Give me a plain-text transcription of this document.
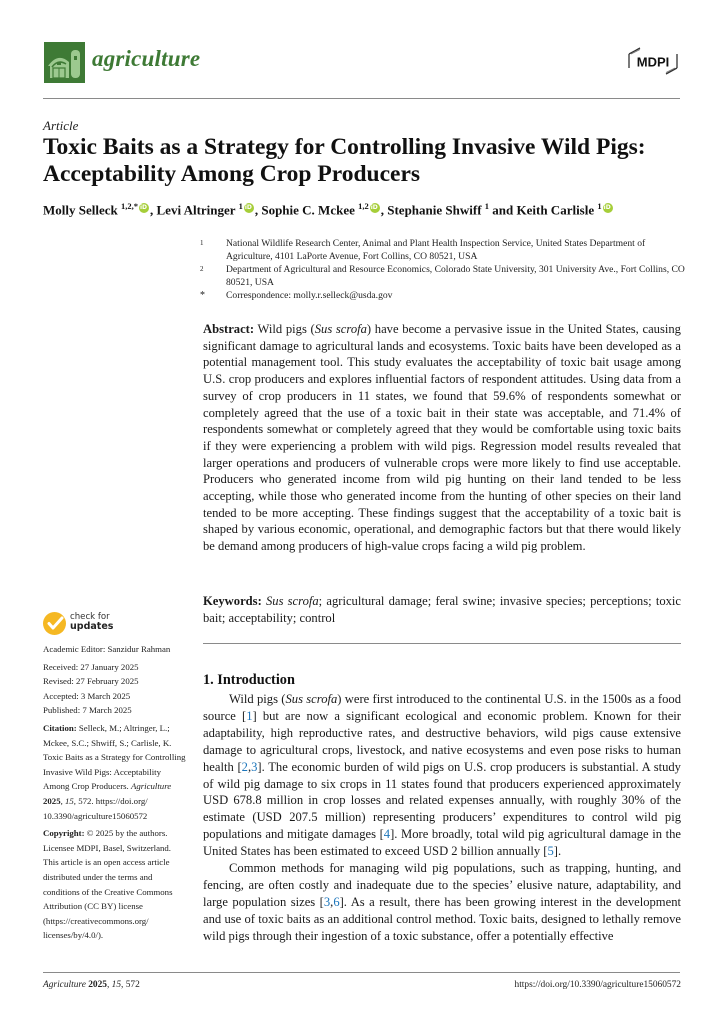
agriculture	MDPI
Article
Toxic Baits as a Strategy for Controlling Invasive Wild Pigs: Acceptability Among Crop Producers
Molly Selleck $^{1,2,*}$ iD , Levi Altringer $^1$ iD , Sophie C. Mckee $^{1,2}$ iD , Stephanie Shwiff $^1$ and Keith Carlisle $^1$iD
1	National Wildlife Research Center, Animal and Plant Health Inspection Service, United States Department of Agriculture, 4101 LaPorte Avenue, Fort Collins, CO 80521, USA
2	Department of Agricultural and Resource Economics, Colorado State University, 301 University Ave., Fort Collins, CO 80521, USA
*	Correspondence: molly.r.selleck@usda.gov
Abstract: Wild pigs (Sus scrofa) have become a pervasive issue in the United States, causing significant damage to agricultural lands and ecosystems. Toxic baits have been developed as a potential management tool. This study evaluates the acceptability of toxic bait usage among U.S. crop producers and explores influential factors of respondent attitudes. Using data from a survey of crop producers in 11 states, we found that 59.6% of respondents somewhat or completely agreed that the use of a toxic bait in their state was acceptable, and 71.4% of respondents somewhat or completely agreed that they would be comfortable using toxic baits if they were experiencing a problem with wild pigs. Regression model results revealed that larger operations and producers of vulnerable crops were more likely to find use acceptable. Producers who generated income from wild pig hunting on their land tended to be less accepting, while those who generated income from the hunting of other species on their land tended to be more accepting. These findings suggest that the acceptability of a toxic bait is shaped by various economic, operational, and demographic factors but that there would likely be demand among producers of high-value crops facing a wild pig problem.
Keywords: Sus scrofa; agricultural damage; feral swine; invasive species; perceptions; toxic bait; acceptability; control
check for
updates
Academic Editor: Sanzidur Rahman
Received: 27 January 2025
Revised: 27 February 2025
Accepted: 3 March 2025
Published: 7 March 2025
Citation: Selleck, M.; Altringer, L.;
Mckee, S.C.; Shwiff, S.; Carlisle, K.
Toxic Baits as a Strategy for Controlling
Invasive Wild Pigs: Acceptability
Among Crop Producers. Agriculture
2025, 15, 572. https://doi.org/
10.3390/agriculture15060572
Copyright: © 2025 by the authors.
Licensee MDPI, Basel, Switzerland.
This article is an open access article
distributed under the terms and
conditions of the Creative Commons
Attribution (CC BY) license
(https://creativecommons.org/
licenses/by/4.0/).
1. Introduction

Wild pigs (Sus scrofa) were first introduced to the continental U.S. in the 1500s as a food source [1] but are now a significant ecological and economic problem. Known for their adaptability, high reproductive rates, and destructive behaviors, wild pigs cause extensive damage to agricultural crops, livestock, and native ecosystems and even pose risks to human health [2,3]. The economic burden of wild pigs on U.S. crop producers is substantial. A study of wild pig damage to six crops in 11 states found that producers experienced approximately USD 678.8 million in crop losses and related expenses annually, with roughly 30% of the estimate (USD 207.5 million) representing producers’ expenditures to control wild pig populations and mitigate damages [4]. More broadly, total wild pig agricultural damage in the United States has been estimated to exceed USD 2 billion annually [5].

Common methods for managing wild pig populations, such as trapping, hunting, and fencing, are often costly and inadequate due to the species’ elusive nature, adaptability, and large population sizes [3,6]. As a result, there has been growing interest in the development and use of toxic baits as an additional control method. Toxic baits, designed to lethally remove wild pigs through their ingestion of a toxic substance, offer a potentially effective

Agriculture 2025, 15, 572	https://doi.org/10.3390/agriculture15060572
